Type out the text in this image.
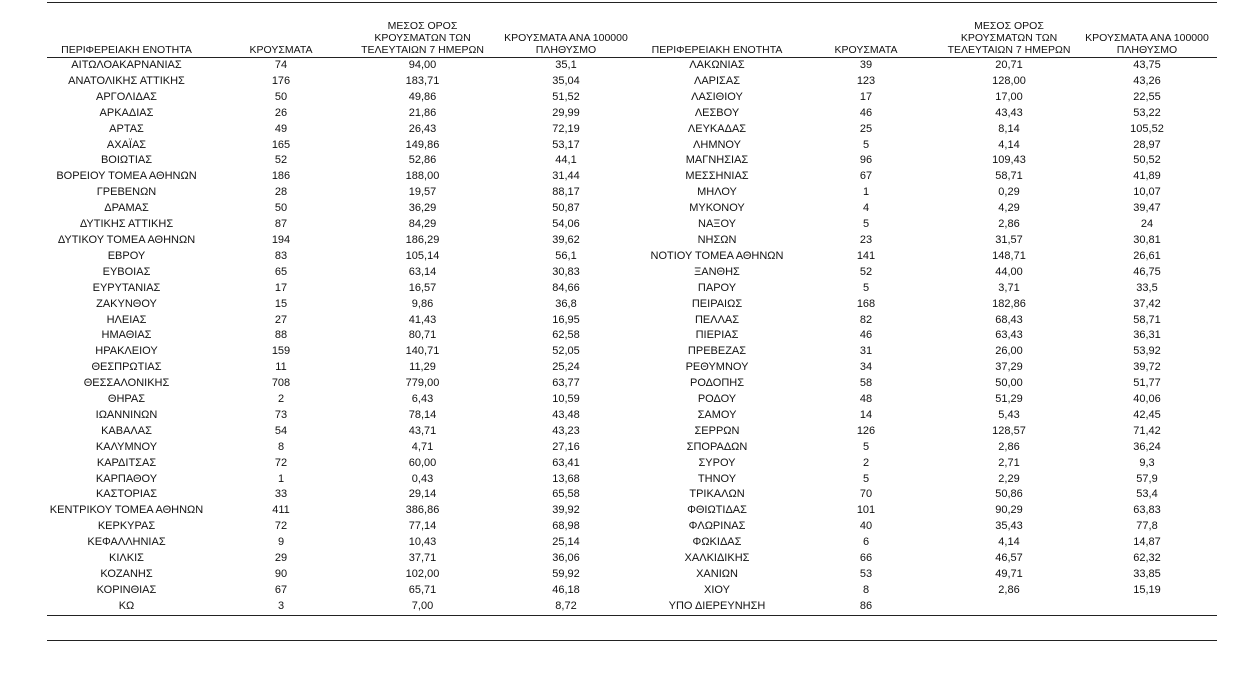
ΠΕΡΙΦΕΡΕΙΑΚΗ ΕΝΟΤΗΤΑ	ΚΡΟΥΣΜΑΤΑ	ΜΕΣΟΣ ΟΡΟΣ
ΚΡΟΥΣΜΑΤΩΝ ΤΩΝ
ΤΕΛΕΥΤΑΙΩΝ 7 ΗΜΕΡΩΝ	ΚΡΟΥΣΜΑΤΑ ΑΝΑ 100000
ΠΛΗΘΥΣΜΟ	ΠΕΡΙΦΕΡΕΙΑΚΗ ΕΝΟΤΗΤΑ	ΚΡΟΥΣΜΑΤΑ	ΜΕΣΟΣ ΟΡΟΣ
ΚΡΟΥΣΜΑΤΩΝ ΤΩΝ
ΤΕΛΕΥΤΑΙΩΝ 7 ΗΜΕΡΩΝ	ΚΡΟΥΣΜΑΤΑ ΑΝΑ 100000
ΠΛΗΘΥΣΜΟ
ΑΙΤΩΛΟΑΚΑΡΝΑΝΙΑΣ	74	94,00	35,1	ΛΑΚΩΝΙΑΣ	39	20,71	43,75
ΑΝΑΤΟΛΙΚΗΣ ΑΤΤΙΚΗΣ	176	183,71	35,04	ΛΑΡΙΣΑΣ	123	128,00	43,26
ΑΡΓΟΛΙΔΑΣ	50	49,86	51,52	ΛΑΣΙΘΙΟΥ	17	17,00	22,55
ΑΡΚΑΔΙΑΣ	26	21,86	29,99	ΛΕΣΒΟΥ	46	43,43	53,22
ΑΡΤΑΣ	49	26,43	72,19	ΛΕΥΚΑΔΑΣ	25	8,14	105,52
ΑΧΑΪΑΣ	165	149,86	53,17	ΛΗΜΝΟΥ	5	4,14	28,97
ΒΟΙΩΤΙΑΣ	52	52,86	44,1	ΜΑΓΝΗΣΙΑΣ	96	109,43	50,52
ΒΟΡΕΙΟΥ ΤΟΜΕΑ ΑΘΗΝΩΝ	186	188,00	31,44	ΜΕΣΣΗΝΙΑΣ	67	58,71	41,89
ΓΡΕΒΕΝΩΝ	28	19,57	88,17	ΜΗΛΟΥ	1	0,29	10,07
ΔΡΑΜΑΣ	50	36,29	50,87	ΜΥΚΟΝΟΥ	4	4,29	39,47
ΔΥΤΙΚΗΣ ΑΤΤΙΚΗΣ	87	84,29	54,06	ΝΑΞΟΥ	5	2,86	24
ΔΥΤΙΚΟΥ ΤΟΜΕΑ ΑΘΗΝΩΝ	194	186,29	39,62	ΝΗΣΩΝ	23	31,57	30,81
ΕΒΡΟΥ	83	105,14	56,1	ΝΟΤΙΟΥ ΤΟΜΕΑ ΑΘΗΝΩΝ	141	148,71	26,61
ΕΥΒΟΙΑΣ	65	63,14	30,83	ΞΑΝΘΗΣ	52	44,00	46,75
ΕΥΡΥΤΑΝΙΑΣ	17	16,57	84,66	ΠΑΡΟΥ	5	3,71	33,5
ΖΑΚΥΝΘΟΥ	15	9,86	36,8	ΠΕΙΡΑΙΩΣ	168	182,86	37,42
ΗΛΕΙΑΣ	27	41,43	16,95	ΠΕΛΛΑΣ	82	68,43	58,71
ΗΜΑΘΙΑΣ	88	80,71	62,58	ΠΙΕΡΙΑΣ	46	63,43	36,31
ΗΡΑΚΛΕΙΟΥ	159	140,71	52,05	ΠΡΕΒΕΖΑΣ	31	26,00	53,92
ΘΕΣΠΡΩΤΙΑΣ	11	11,29	25,24	ΡΕΘΥΜΝΟΥ	34	37,29	39,72
ΘΕΣΣΑΛΟΝΙΚΗΣ	708	779,00	63,77	ΡΟΔΟΠΗΣ	58	50,00	51,77
ΘΗΡΑΣ	2	6,43	10,59	ΡΟΔΟΥ	48	51,29	40,06
ΙΩΑΝΝΙΝΩΝ	73	78,14	43,48	ΣΑΜΟΥ	14	5,43	42,45
ΚΑΒΑΛΑΣ	54	43,71	43,23	ΣΕΡΡΩΝ	126	128,57	71,42
ΚΑΛΥΜΝΟΥ	8	4,71	27,16	ΣΠΟΡΑΔΩΝ	5	2,86	36,24
ΚΑΡΔΙΤΣΑΣ	72	60,00	63,41	ΣΥΡΟΥ	2	2,71	9,3
ΚΑΡΠΑΘΟΥ	1	0,43	13,68	ΤΗΝΟΥ	5	2,29	57,9
ΚΑΣΤΟΡΙΑΣ	33	29,14	65,58	ΤΡΙΚΑΛΩΝ	70	50,86	53,4
ΚΕΝΤΡΙΚΟΥ ΤΟΜΕΑ ΑΘΗΝΩΝ	411	386,86	39,92	ΦΘΙΩΤΙΔΑΣ	101	90,29	63,83
ΚΕΡΚΥΡΑΣ	72	77,14	68,98	ΦΛΩΡΙΝΑΣ	40	35,43	77,8
ΚΕΦΑΛΛΗΝΙΑΣ	9	10,43	25,14	ΦΩΚΙΔΑΣ	6	4,14	14,87
ΚΙΛΚΙΣ	29	37,71	36,06	ΧΑΛΚΙΔΙΚΗΣ	66	46,57	62,32
ΚΟΖΑΝΗΣ	90	102,00	59,92	ΧΑΝΙΩΝ	53	49,71	33,85
ΚΟΡΙΝΘΙΑΣ	67	65,71	46,18	ΧΙΟΥ	8	2,86	15,19
ΚΩ	3	7,00	8,72	ΥΠΟ ΔΙΕΡΕΥΝΗΣΗ	86		
